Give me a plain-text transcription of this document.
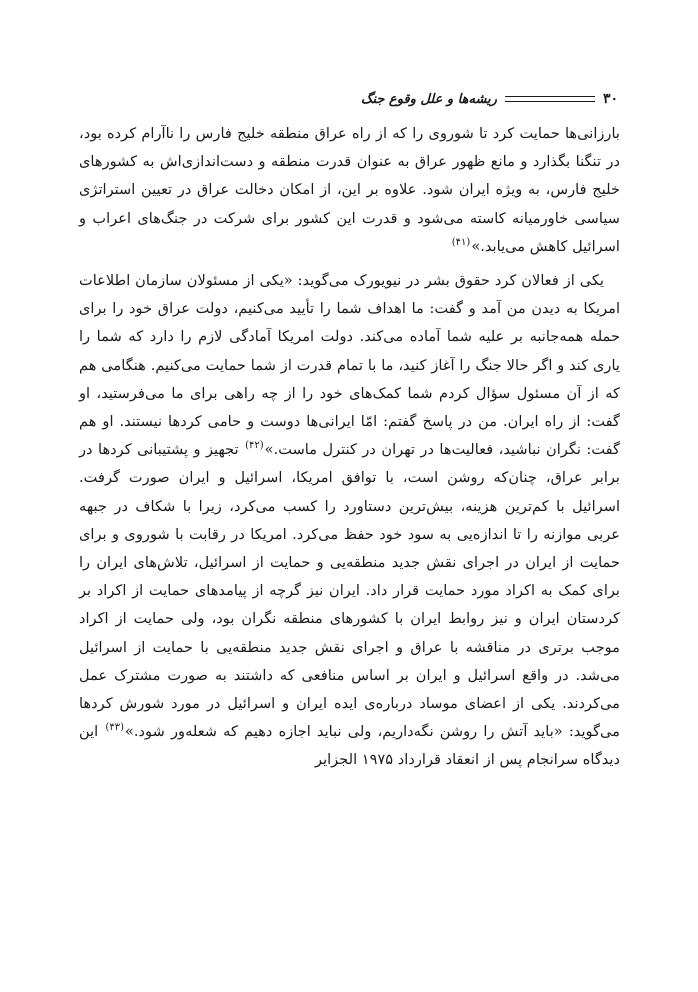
۳۰
ریشه‌ها و علل وقوع جنگ

بارزانی‌ها حمایت کرد تا شوروی را که از راه عراق منطقه خلیج فارس را ناآرام کرده بود، در تنگنا بگذارد و مانع ظهور عراق به عنوان قدرت منطقه و دست‌اندازی‌اش به کشورهای خلیج فارس، به ویژه ایران شود. علاوه بر این، از امکان دخالت عراق در تعیین استراتژی سیاسی خاورمیانه کاسته می‌شود و قدرت این کشور برای شرکت در جنگ‌های اعراب و اسرائیل کاهش می‌یابد.»$^{(۴۱)}$

یکی از فعالان کرد حقوق بشر در نیویورک می‌گوید: «یکی از مسئولان سازمان اطلاعات امریکا به دیدن من آمد و گفت: ما اهداف شما را تأیید می‌کنیم، دولت عراق خود را برای حمله همه‌جانبه بر علیه شما آماده می‌کند. دولت امریکا آمادگی لازم را دارد که شما را یاری کند و اگر حالا جنگ را آغاز کنید، ما با تمام قدرت از شما حمایت می‌کنیم. هنگامی هم که از آن مسئول سؤال کردم شما کمک‌های خود را از چه راهی برای ما می‌فرستید، او گفت: از راه ایران. من در پاسخ گفتم: امّا ایرانی‌ها دوست و حامی کردها نیستند. او هم گفت: نگران نباشید، فعالیت‌ها در تهران در کنترل ماست.»$^{(۴۲)}$ تجهیز و پشتیبانی کردها در برابر عراق، چنان‌که روشن است، با توافق امریکا، اسرائیل و ایران صورت گرفت. اسرائیل با کم‌ترین هزینه، بیش‌ترین دستاورد را کسب می‌کرد، زیرا با شکاف در جبهه عربی موازنه را تا اندازه‌یی به سود خود حفظ می‌کرد. امریکا در رقابت با شوروی و برای حمایت از ایران در اجرای نقش جدید منطقه‌یی و حمایت از اسرائیل، تلاش‌های ایران را برای کمک به اکراد مورد حمایت قرار داد. ایران نیز گرچه از پیامدهای حمایت از اکراد بر کردستان ایران و نیز روابط ایران با کشورهای منطقه نگران بود، ولی حمایت از اکراد موجب برتری در مناقشه با عراق و اجرای نقش جدید منطقه‌یی با حمایت از اسرائیل می‌شد. در واقع اسرائیل و ایران بر اساس منافعی که داشتند به صورت مشترک عمل می‌کردند. یکی از اعضای موساد درباره‌ی ایده ایران و اسرائیل در مورد شورش کردها می‌گوید: «باید آتش را روشن نگه‌داریم، ولی نباید اجازه دهیم که شعله‌ور شود.»$^{(۴۳)}$ این دیدگاه سرانجام پس از انعقاد قرارداد ۱۹۷۵ الجزایر
